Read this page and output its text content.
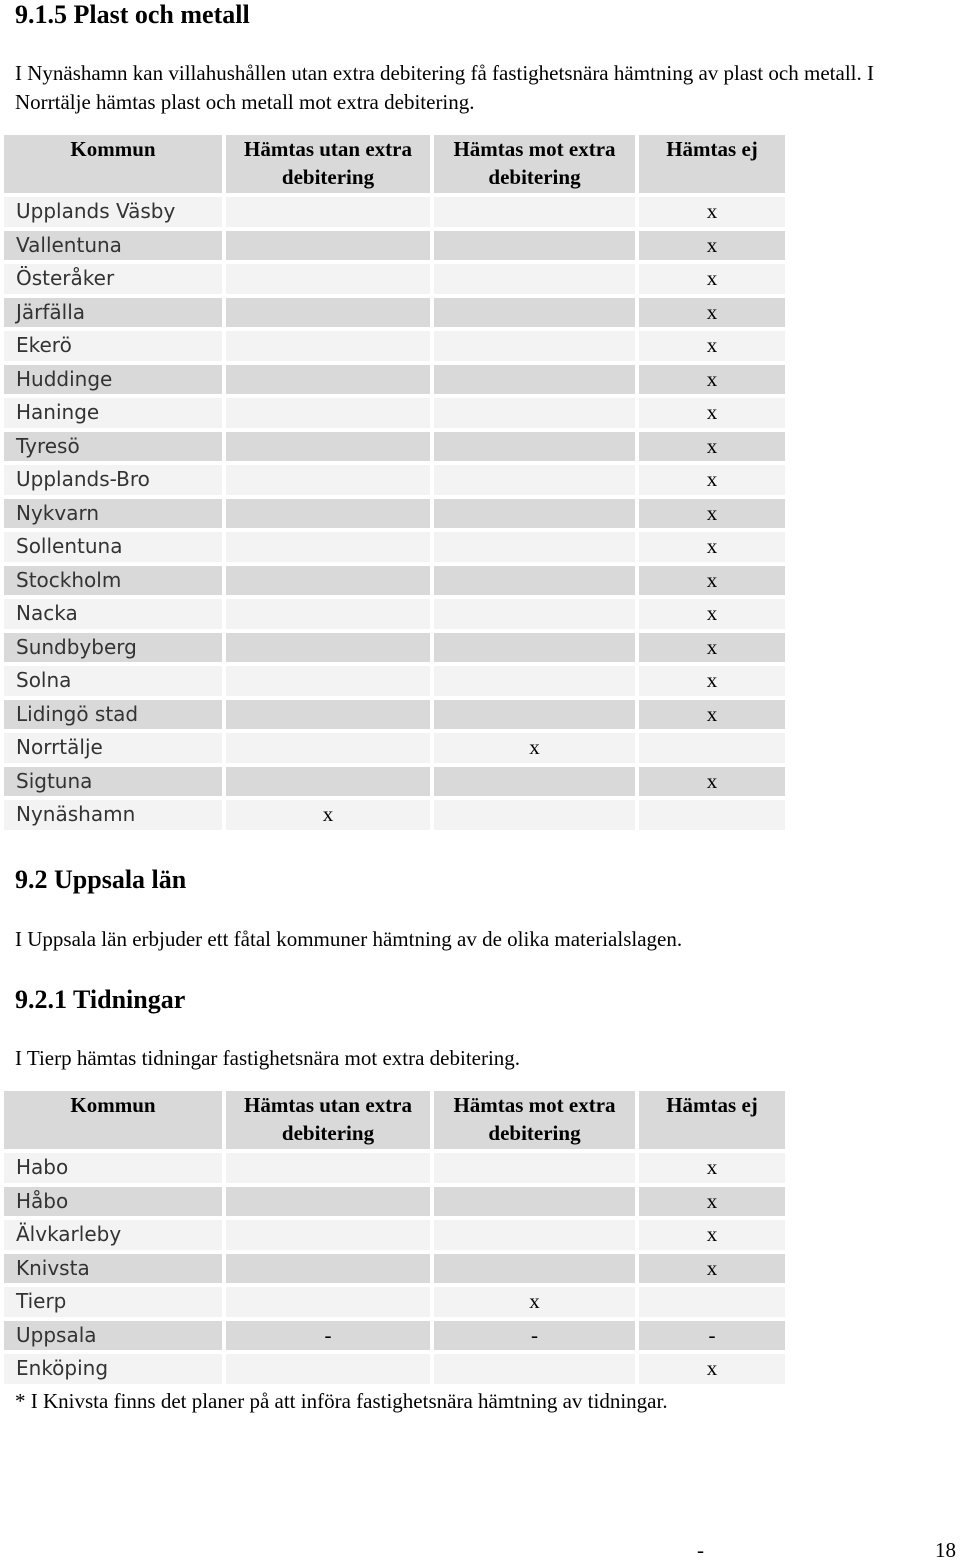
9.1.5 Plast och metall

I Nynäshamn kan villahushållen utan extra debitering få fastighetsnära hämtning av plast och metall. I Norrtälje hämtas plast och metall mot extra debitering.

Kommun	Hämtas utan extra debitering	Hämtas mot extra debitering	Hämtas ej
Upplands Väsby			x
Vallentuna			x
Österåker			x
Järfälla			x
Ekerö			x
Huddinge			x
Haninge			x
Tyresö			x
Upplands-Bro			x
Nykvarn			x
Sollentuna			x
Stockholm			x
Nacka			x
Sundbyberg			x
Solna			x
Lidingö stad			x
Norrtälje		x	
Sigtuna			x
Nynäshamn	x		
9.2 Uppsala län

I Uppsala län erbjuder ett fåtal kommuner hämtning av de olika materialslagen.

9.2.1 Tidningar

I Tierp hämtas tidningar fastighetsnära mot extra debitering.

Kommun	Hämtas utan extra debitering	Hämtas mot extra debitering	Hämtas ej
Habo			x
Håbo			x
Älvkarleby			x
Knivsta			x
Tierp		x	
Uppsala	-	-	-
Enköping			x
* I Knivsta finns det planer på att införa fastighetsnära hämtning av tidningar.
-	18
